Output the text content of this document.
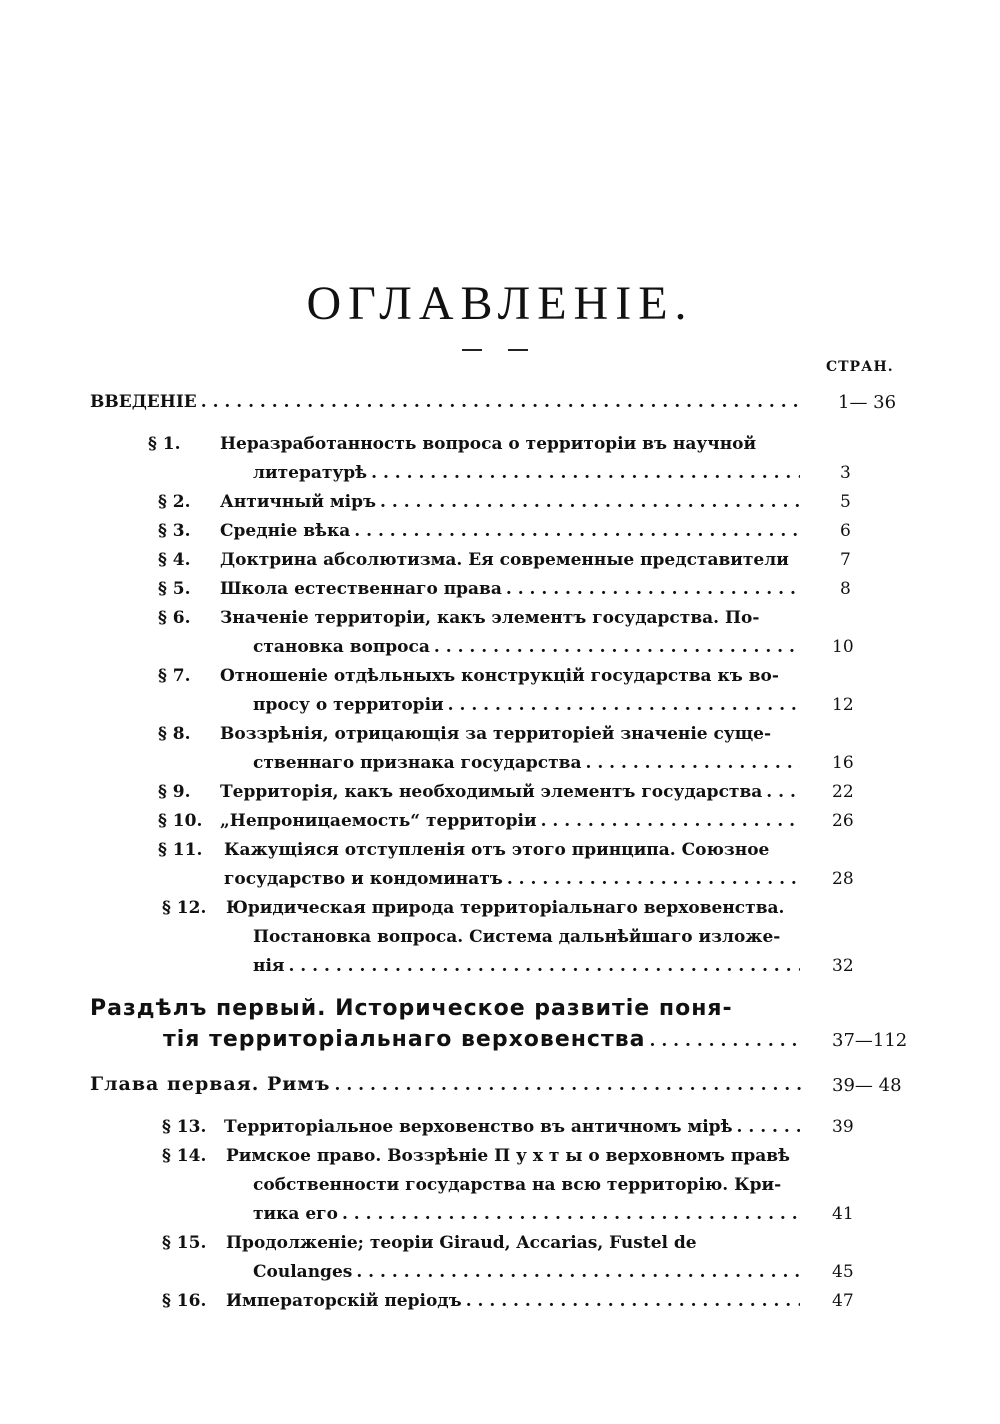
ОГЛАВЛЕНIЕ.
СТРАН.
ВВЕДЕНIЕ . . .	1— 36
§ 1. Неразработанность вопроса о территорiи въ научной
литературѣ . . .	3
§ 2. Античный мiръ . . .	5
§ 3. Среднiе вѣка . . .	6
§ 4. Доктрина абсолютизма. Ея современные представители	7
§ 5. Школа естественнаго права . . .	8
§ 6. Значенiе территорiи, какъ элементъ государства. По-
становка вопроса . . .	10
§ 7. Отношенiе отдѣльныхъ конструкцiй государства къ во-
просу о территорiи . . .	12
§ 8. Воззрѣнiя, отрицающiя за территорiей значенiе суще-
ственнаго признака государства . . .	16
§ 9. Территорiя, какъ необходимый элементъ государства . . .	22
§ 10. „Непроницаемость“ территорiи . . .	26
§ 11. Кажущiяся отступленiя отъ этого принципа. Союзное
государство и кондоминатъ . . .	28
§ 12. Юридическая природа территорiальнаго верховенства.
Постановка вопроса. Система дальнѣйшаго изложе-
нiя . . .	32
Раздѣлъ первый. Историческое развитiе поня-
тiя территорiальнаго верховенства . . .	37—112
Глава первая. Римъ . . .	39— 48
§ 13. Территорiальное верховенство въ античномъ мiрѣ . . .	39
§ 14. Римское право. Воззрѣнiе П у х т ы о верховномъ правѣ
собственности государства на всю территорiю. Кри-
тика его . . .	41
§ 15. Продолженiе; теорiи Giraud, Accarias, Fustel de
Coulanges . . .	45
§ 16. Императорскiй перiодъ . . .	47
